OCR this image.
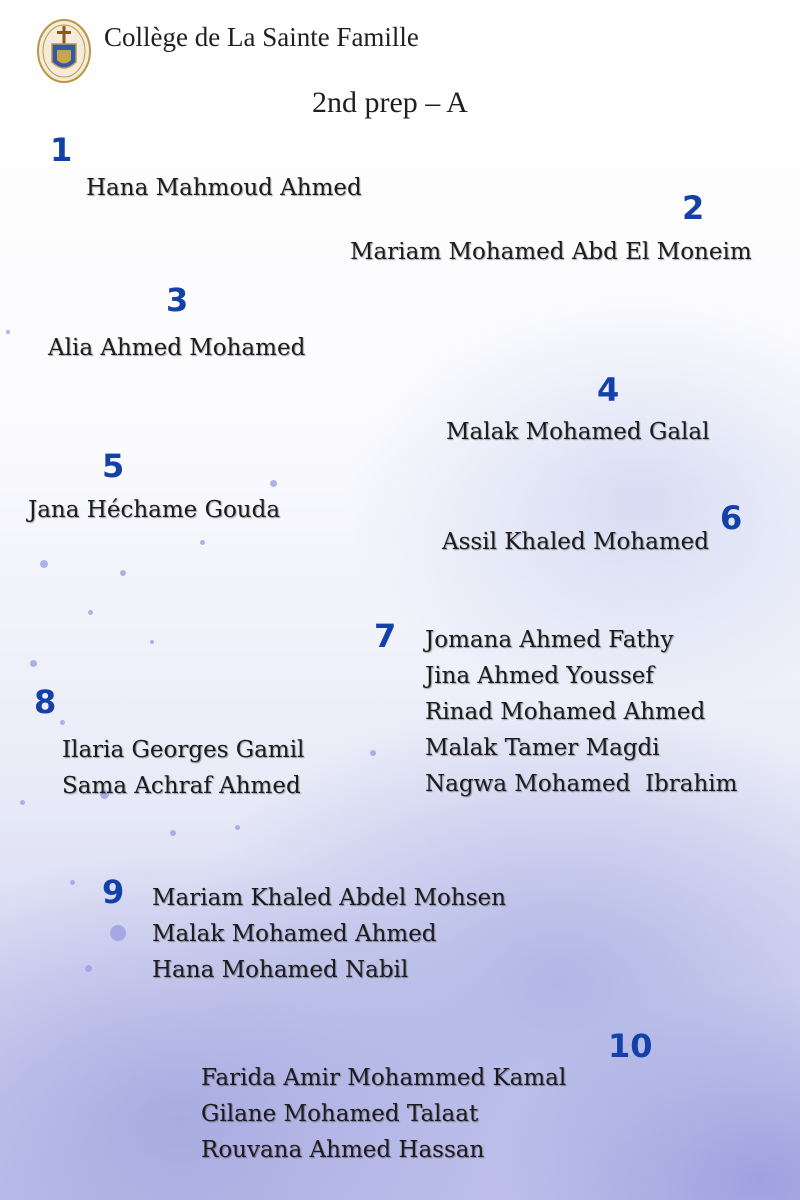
Collège de La Sainte Famille
2nd prep – A
1
Hana Mahmoud Ahmed
2
Mariam Mohamed Abd El Moneim
3
Alia Ahmed Mohamed
4
Malak Mohamed Galal
5
Jana Héchame Gouda	6
Assil Khaled Mohamed
7 Jomana Ahmed Fathy
Jina Ahmed Youssef
Rinad Mohamed Ahmed
Malak Tamer Magdi
Nagwa Mohamed  Ibrahim
8
Ilaria Georges Gamil
Sama Achraf Ahmed
9 Mariam Khaled Abdel Mohsen
Malak Mohamed Ahmed
Hana Mohamed Nabil
10
Farida Amir Mohammed Kamal
Gilane Mohamed Talaat
Rouvana Ahmed Hassan
